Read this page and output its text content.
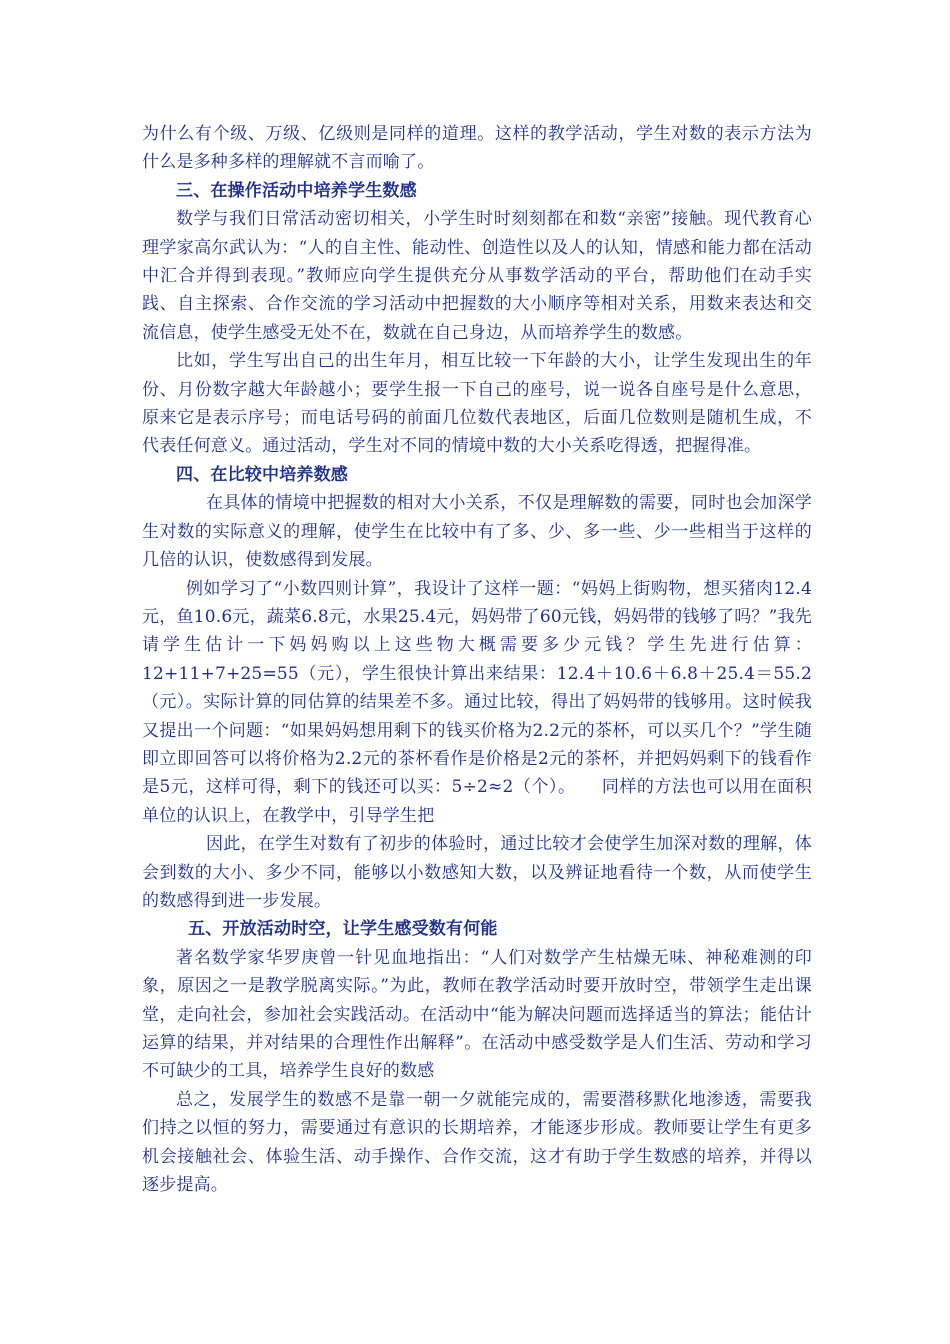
为什么有个级、万级、亿级则是同样的道理。这样的教学活动，学生对数的表示方法为什么是多种多样的理解就不言而喻了。

三、在操作活动中培养学生数感

数学与我们日常活动密切相关，小学生时时刻刻都在和数“亲密”接触。现代教育心理学家高尔武认为：“人的自主性、能动性、创造性以及人的认知，情感和能力都在活动中汇合并得到表现。”教师应向学生提供充分从事数学活动的平台，帮助他们在动手实践、自主探索、合作交流的学习活动中把握数的大小顺序等相对关系，用数来表达和交流信息，使学生感受无处不在，数就在自己身边，从而培养学生的数感。

比如，学生写出自己的出生年月，相互比较一下年龄的大小，让学生发现出生的年份、月份数字越大年龄越小；要学生报一下自己的座号，说一说各自座号是什么意思，原来它是表示序号；而电话号码的前面几位数代表地区，后面几位数则是随机生成，不代表任何意义。通过活动，学生对不同的情境中数的大小关系吃得透，把握得准。

四、在比较中培养数感

在具体的情境中把握数的相对大小关系，不仅是理解数的需要，同时也会加深学生对数的实际意义的理解，使学生在比较中有了多、少、多一些、少一些相当于这样的几倍的认识，使数感得到发展。

例如学习了“小数四则计算”，我设计了这样一题：“妈妈上街购物，想买猪肉12.4元，鱼10.6元，蔬菜6.8元，水果25.4元，妈妈带了60元钱，妈妈带的钱够了吗？”我先请学生估计一下妈妈购以上这些物大概需要多少元钱？学生先进行估算：12+11+7+25=55（元），学生很快计算出来结果：12.4＋10.6＋6.8＋25.4＝55.2（元）。实际计算的同估算的结果差不多。通过比较，得出了妈妈带的钱够用。这时候我又提出一个问题：“如果妈妈想用剩下的钱买价格为2.2元的茶杯，可以买几个？”学生随即立即回答可以将价格为2.2元的茶杯看作是价格是2元的茶杯，并把妈妈剩下的钱看作是5元，这样可得，剩下的钱还可以买：5÷2≈2（个）。 同样的方法也可以用在面积单位的认识上，在教学中，引导学生把

因此，在学生对数有了初步的体验时，通过比较才会使学生加深对数的理解，体会到数的大小、多少不同，能够以小数感知大数，以及辨证地看待一个数，从而使学生的数感得到进一步发展。

五、开放活动时空，让学生感受数有何能

著名数学家华罗庚曾一针见血地指出：“人们对数学产生枯燥无味、神秘难测的印象，原因之一是教学脱离实际。”为此，教师在教学活动时要开放时空，带领学生走出课堂，走向社会，参加社会实践活动。在活动中“能为解决问题而选择适当的算法；能估计运算的结果，并对结果的合理性作出解释”。在活动中感受数学是人们生活、劳动和学习不可缺少的工具，培养学生良好的数感

总之，发展学生的数感不是靠一朝一夕就能完成的，需要潜移默化地渗透，需要我们持之以恒的努力，需要通过有意识的长期培养，才能逐步形成。教师要让学生有更多机会接触社会、体验生活、动手操作、合作交流，这才有助于学生数感的培养，并得以逐步提高。
